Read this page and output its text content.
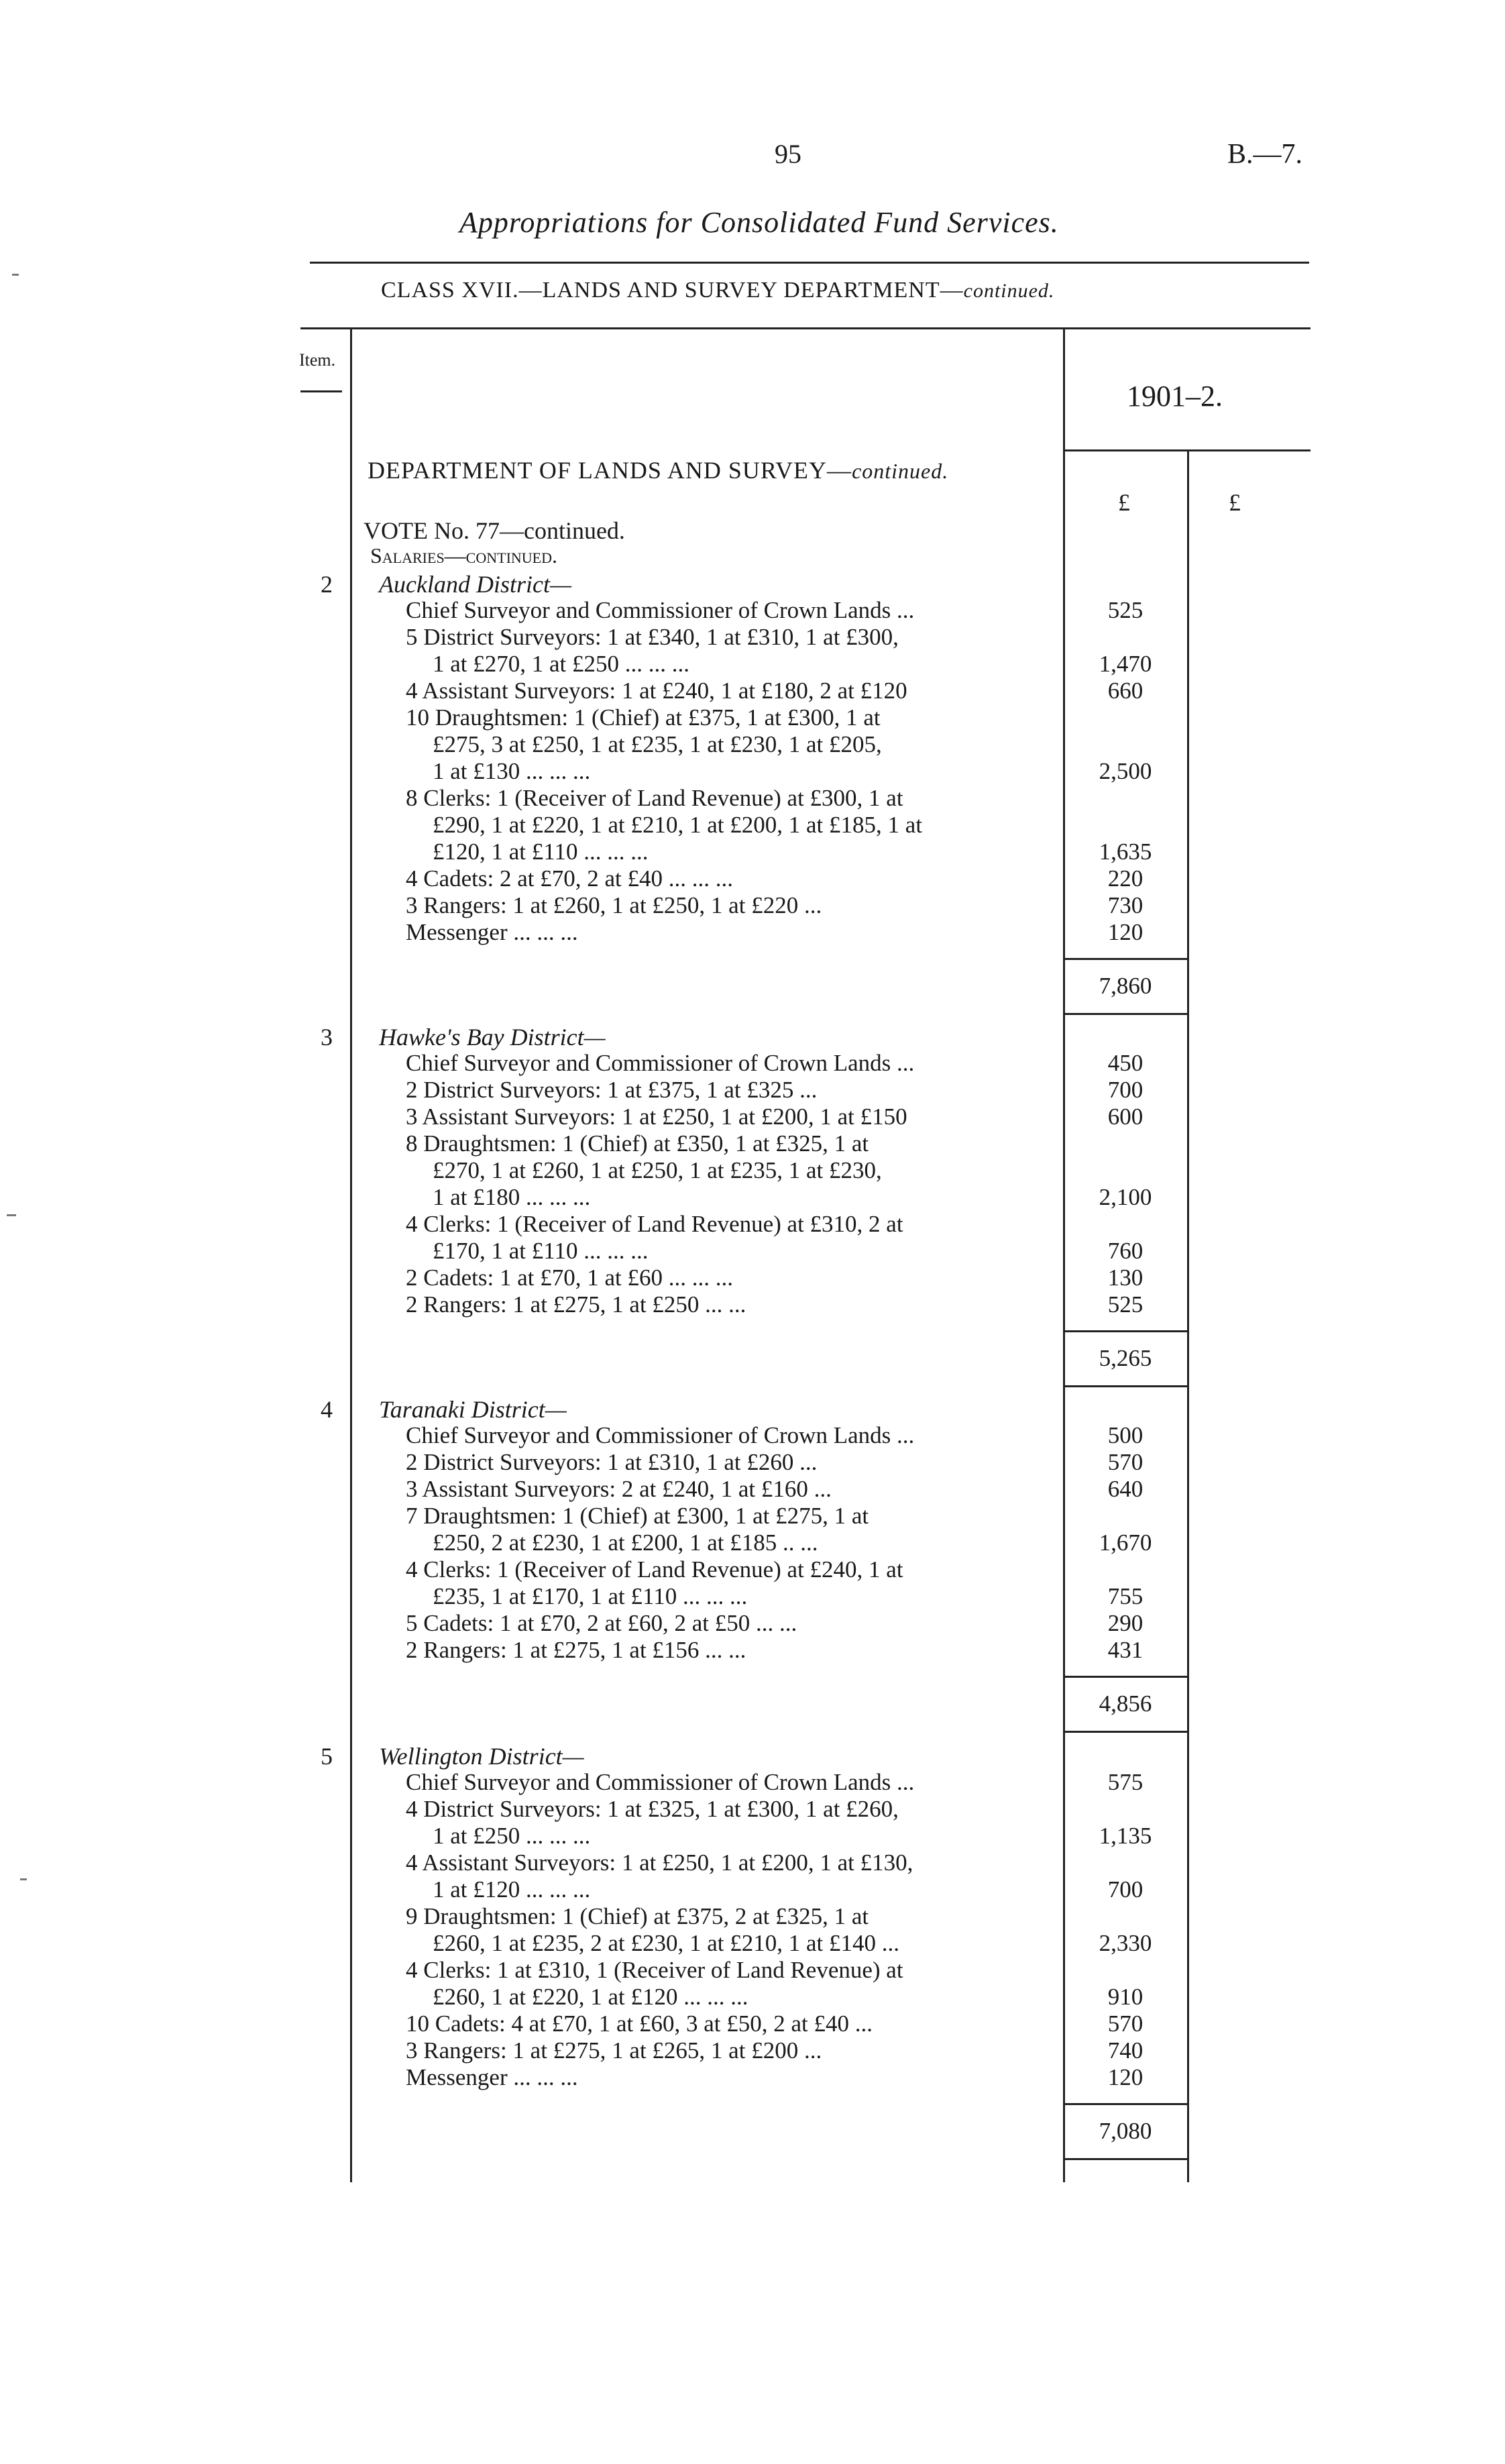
95	B.—7.
Appropriations for Consolidated Fund Services.
CLASS XVII.—LANDS AND SURVEY DEPARTMENT—continued.
Item.
1901–2.
DEPARTMENT OF LANDS AND SURVEY—continued.
£	£
VOTE No. 77—continued.
Salaries—continued.
2 Auckland District—
Chief Surveyor and Commissioner of Crown Lands ...	525
5 District Surveyors: 1 at £340, 1 at £310, 1 at £300,
1 at £270, 1 at £250 ... ... ...	1,470
4 Assistant Surveyors: 1 at £240, 1 at £180, 2 at £120	660
10 Draughtsmen: 1 (Chief) at £375, 1 at £300, 1 at
£275, 3 at £250, 1 at £235, 1 at £230, 1 at £205,
1 at £130 ... ... ...	2,500
8 Clerks: 1 (Receiver of Land Revenue) at £300, 1 at
£290, 1 at £220, 1 at £210, 1 at £200, 1 at £185, 1 at
£120, 1 at £110 ... ... ...	1,635
4 Cadets: 2 at £70, 2 at £40 ... ... ...	220
3 Rangers: 1 at £260, 1 at £250, 1 at £220 ...	730
Messenger ... ... ...	120
7,860
3 Hawke's Bay District—
Chief Surveyor and Commissioner of Crown Lands ...	450
2 District Surveyors: 1 at £375, 1 at £325 ...	700
3 Assistant Surveyors: 1 at £250, 1 at £200, 1 at £150	600
8 Draughtsmen: 1 (Chief) at £350, 1 at £325, 1 at
£270, 1 at £260, 1 at £250, 1 at £235, 1 at £230,
1 at £180 ... ... ...	2,100
4 Clerks: 1 (Receiver of Land Revenue) at £310, 2 at
£170, 1 at £110 ... ... ...	760
2 Cadets: 1 at £70, 1 at £60 ... ... ...	130
2 Rangers: 1 at £275, 1 at £250 ... ...	525
5,265
4 Taranaki District—
Chief Surveyor and Commissioner of Crown Lands ...	500
2 District Surveyors: 1 at £310, 1 at £260 ...	570
3 Assistant Surveyors: 2 at £240, 1 at £160 ...	640
7 Draughtsmen: 1 (Chief) at £300, 1 at £275, 1 at
£250, 2 at £230, 1 at £200, 1 at £185 .. ...	1,670
4 Clerks: 1 (Receiver of Land Revenue) at £240, 1 at
£235, 1 at £170, 1 at £110 ... ... ...	755
5 Cadets: 1 at £70, 2 at £60, 2 at £50 ... ...	290
2 Rangers: 1 at £275, 1 at £156 ... ...	431
4,856
5 Wellington District—
Chief Surveyor and Commissioner of Crown Lands ...	575
4 District Surveyors: 1 at £325, 1 at £300, 1 at £260,
1 at £250 ... ... ...	1,135
4 Assistant Surveyors: 1 at £250, 1 at £200, 1 at £130,
1 at £120 ... ... ...	700
9 Draughtsmen: 1 (Chief) at £375, 2 at £325, 1 at
£260, 1 at £235, 2 at £230, 1 at £210, 1 at £140 ...	2,330
4 Clerks: 1 at £310, 1 (Receiver of Land Revenue) at
£260, 1 at £220, 1 at £120 ... ... ...	910
10 Cadets: 4 at £70, 1 at £60, 3 at £50, 2 at £40 ...	570
3 Rangers: 1 at £275, 1 at £265, 1 at £200 ...	740
Messenger ... ... ...	120
7,080
